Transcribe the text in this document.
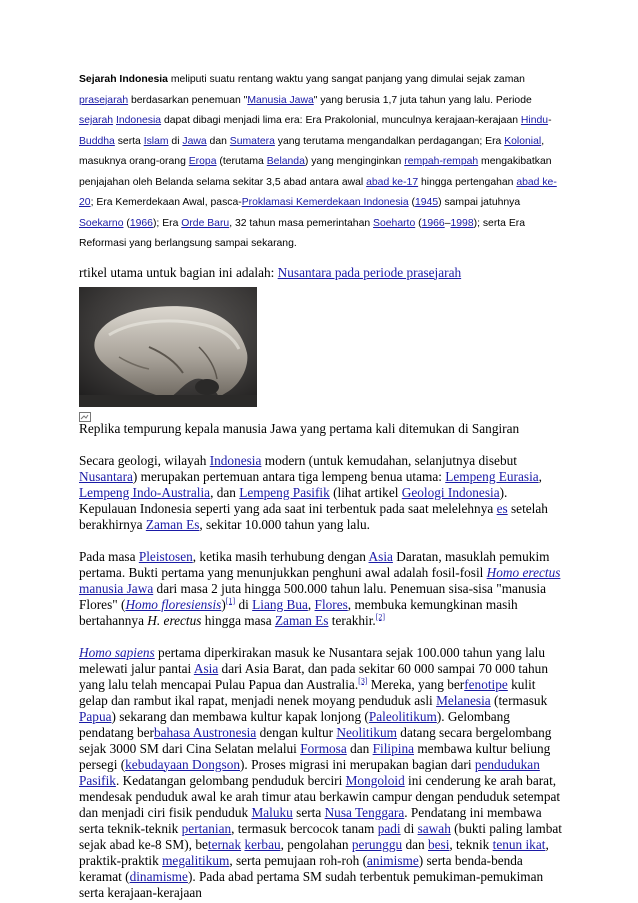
Sejarah Indonesia meliputi suatu rentang waktu yang sangat panjang yang dimulai sejak zaman prasejarah berdasarkan penemuan "Manusia Jawa" yang berusia 1,7 juta tahun yang lalu. Periode sejarah Indonesia dapat dibagi menjadi lima era: Era Prakolonial, munculnya kerajaan-kerajaan Hindu-Buddha serta Islam di Jawa dan Sumatera yang terutama mengandalkan perdagangan; Era Kolonial, masuknya orang-orang Eropa (terutama Belanda) yang menginginkan rempah-rempah mengakibatkan penjajahan oleh Belanda selama sekitar 3,5 abad antara awal abad ke-17 hingga pertengahan abad ke-20; Era Kemerdekaan Awal, pasca-Proklamasi Kemerdekaan Indonesia (1945) sampai jatuhnya Soekarno (1966); Era Orde Baru, 32 tahun masa pemerintahan Soeharto (1966–1998); serta Era Reformasi yang berlangsung sampai sekarang.

rtikel utama untuk bagian ini adalah: Nusantara pada periode prasejarah

Replika tempurung kepala manusia Jawa yang pertama kali ditemukan di Sangiran

Secara geologi, wilayah Indonesia modern (untuk kemudahan, selanjutnya disebut Nusantara) merupakan pertemuan antara tiga lempeng benua utama: Lempeng Eurasia, Lempeng Indo-Australia, dan Lempeng Pasifik (lihat artikel Geologi Indonesia). Kepulauan Indonesia seperti yang ada saat ini terbentuk pada saat melelehnya es setelah berakhirnya Zaman Es, sekitar 10.000 tahun yang lalu.

Pada masa Pleistosen, ketika masih terhubung dengan Asia Daratan, masuklah pemukim pertama. Bukti pertama yang menunjukkan penghuni awal adalah fosil-fosil Homo erectus manusia Jawa dari masa 2 juta hingga 500.000 tahun lalu. Penemuan sisa-sisa "manusia Flores" (Homo floresiensis)[1] di Liang Bua, Flores, membuka kemungkinan masih bertahannya H. erectus hingga masa Zaman Es terakhir.[2]

Homo sapiens pertama diperkirakan masuk ke Nusantara sejak 100.000 tahun yang lalu melewati jalur pantai Asia dari Asia Barat, dan pada sekitar 60 000 sampai 70 000 tahun yang lalu telah mencapai Pulau Papua dan Australia.[3] Mereka, yang berfenotipe kulit gelap dan rambut ikal rapat, menjadi nenek moyang penduduk asli Melanesia (termasuk Papua) sekarang dan membawa kultur kapak lonjong (Paleolitikum). Gelombang pendatang berbahasa Austronesia dengan kultur Neolitikum datang secara bergelombang sejak 3000 SM dari Cina Selatan melalui Formosa dan Filipina membawa kultur beliung persegi (kebudayaan Dongson). Proses migrasi ini merupakan bagian dari pendudukan Pasifik. Kedatangan gelombang penduduk berciri Mongoloid ini cenderung ke arah barat, mendesak penduduk awal ke arah timur atau berkawin campur dengan penduduk setempat dan menjadi ciri fisik penduduk Maluku serta Nusa Tenggara. Pendatang ini membawa serta teknik-teknik pertanian, termasuk bercocok tanam padi di sawah (bukti paling lambat sejak abad ke-8 SM), beternak kerbau, pengolahan perunggu dan besi, teknik tenun ikat, praktik-praktik megalitikum, serta pemujaan roh-roh (animisme) serta benda-benda keramat (dinamisme). Pada abad pertama SM sudah terbentuk pemukiman-pemukiman serta kerajaan-kerajaan
